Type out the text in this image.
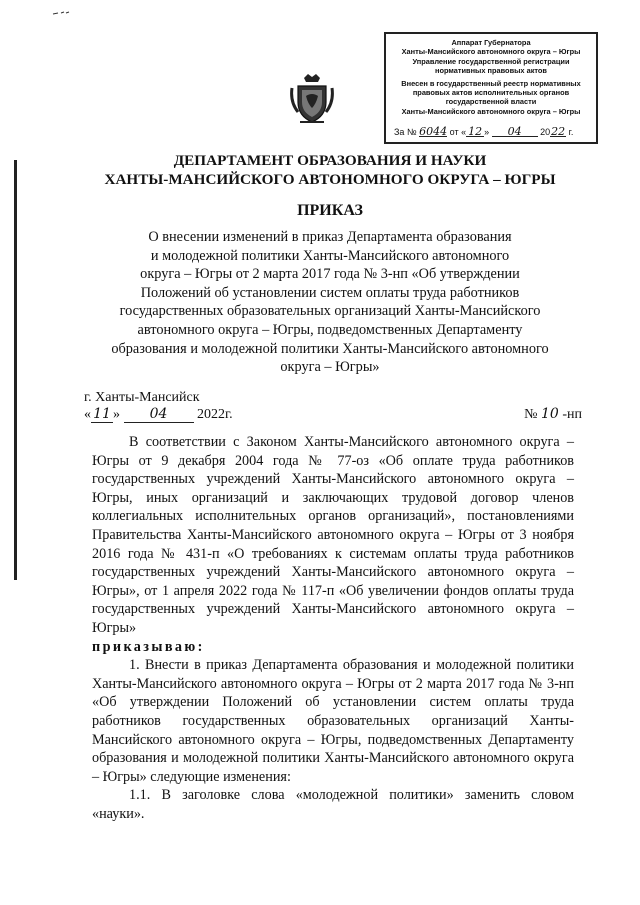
Аппарат Губернатора
Ханты-Мансийского автономного округа – Югры
Управление государственной регистрации
нормативных правовых актов
Внесен в государственный реестр нормативных
правовых актов исполнительных органов
государственной власти
Ханты-Мансийского автономного округа – Югры
За № 6044 от « 12 » 04 2022 г.
ДЕПАРТАМЕНТ ОБРАЗОВАНИЯ И НАУКИ
ХАНТЫ-МАНСИЙСКОГО АВТОНОМНОГО ОКРУГА – ЮГРЫ
ПРИКАЗ
О внесении изменений в приказ Департамента образования
и молодежной политики Ханты-Мансийского автономного
округа – Югры от 2 марта 2017 года № 3-нп «Об утверждении
Положений об установлении систем оплаты труда работников
государственных образовательных организаций Ханты-Мансийского
автономного округа – Югры, подведомственных Департаменту
образования и молодежной политики Ханты-Мансийского автономного
округа – Югры»
г. Ханты-Мансийск
« 11 » 04 2022г.	№ 10 -нп

В соответствии с Законом Ханты-Мансийского автономного округа – Югры от 9 декабря 2004 года № 77-оз «Об оплате труда работников государственных учреждений Ханты-Мансийского автономного округа – Югры, иных организаций и заключающих трудовой договор членов коллегиальных исполнительных органов организаций», постановлениями Правительства Ханты-Мансийского автономного округа – Югры от 3 ноября 2016 года № 431-п «О требованиях к системам оплаты труда работников государственных учреждений Ханты-Мансийского автономного округа – Югры», от 1 апреля 2022 года № 117-п «Об увеличении фондов оплаты труда государственных учреждений Ханты-Мансийского автономного округа – Югры»

приказываю:

1. Внести в приказ Департамента образования и молодежной политики Ханты-Мансийского автономного округа – Югры от 2 марта 2017 года № 3-нп «Об утверждении Положений об установлении систем оплаты труда работников государственных образовательных организаций Ханты-Мансийского автономного округа – Югры, подведомственных Департаменту образования и молодежной политики Ханты-Мансийского автономного округа – Югры» следующие изменения:

1.1. В заголовке слова «молодежной политики» заменить словом «науки».
